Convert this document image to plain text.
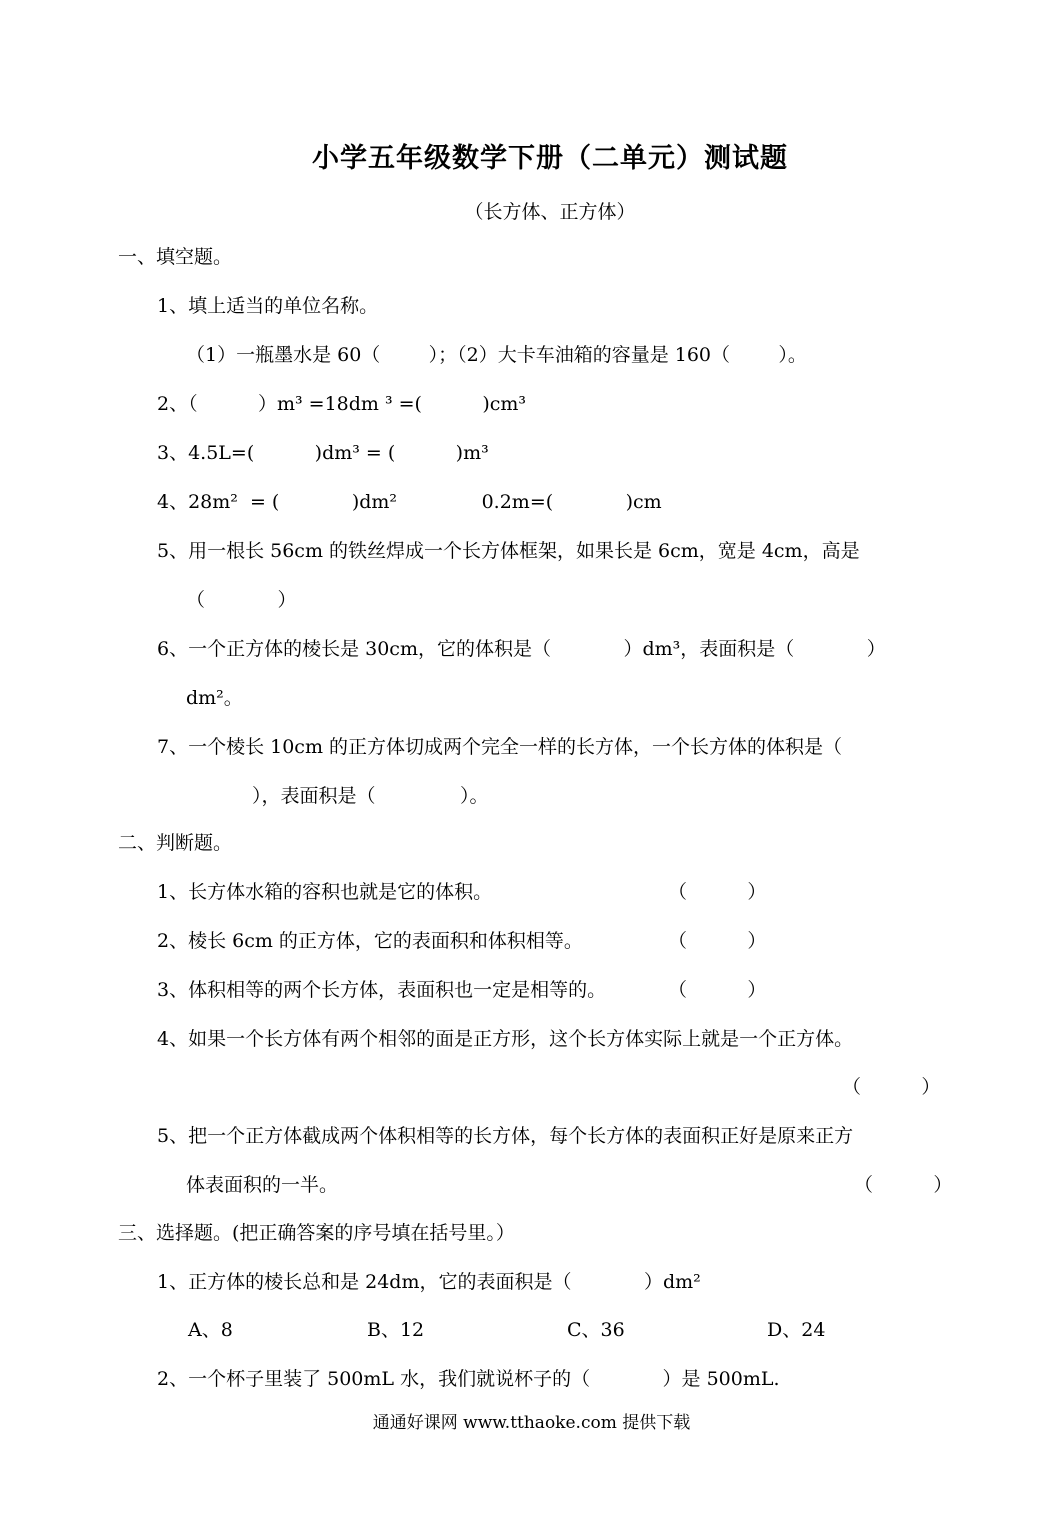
小学五年级数学下册（二单元）测试题
（长方体、正方体）
一、填空题。
1、填上适当的单位名称。
（1）一瓶墨水是 60（        ）；（2）大卡车油箱的容量是 160（        ）。
2、（          ）m³ =18dm ³ =(          )cm³
3、4.5L=(          )dm³ = (          )m³
4、28m²  = (            )dm²              0.2m=(            )cm
5、用一根长 56cm 的铁丝焊成一个长方体框架，如果长是 6cm，宽是 4cm，高是
（            ）
6、一个正方体的棱长是 30cm，它的体积是（            ）dm³，表面积是（            ）
dm²。
7、一个棱长 10cm 的正方体切成两个完全一样的长方体，一个长方体的体积是（
），表面积是（              ）。
二、判断题。
1、长方体水箱的容积也就是它的体积。	（          ）
2、棱长 6cm 的正方体，它的表面积和体积相等。	（          ）
3、体积相等的两个长方体，表面积也一定是相等的。	（          ）
4、如果一个长方体有两个相邻的面是正方形，这个长方体实际上就是一个正方体。
（          ）
5、把一个正方体截成两个体积相等的长方体，每个长方体的表面积正好是原来正方
体表面积的一半。	（          ）
三、选择题。(把正确答案的序号填在括号里。）
1、正方体的棱长总和是 24dm，它的表面积是（            ）dm²
A、8	B、12	C、36	D、24
2、一个杯子里装了 500mL 水，我们就说杯子的（            ）是 500mL.
通通好课网 www.tthaoke.com 提供下载
